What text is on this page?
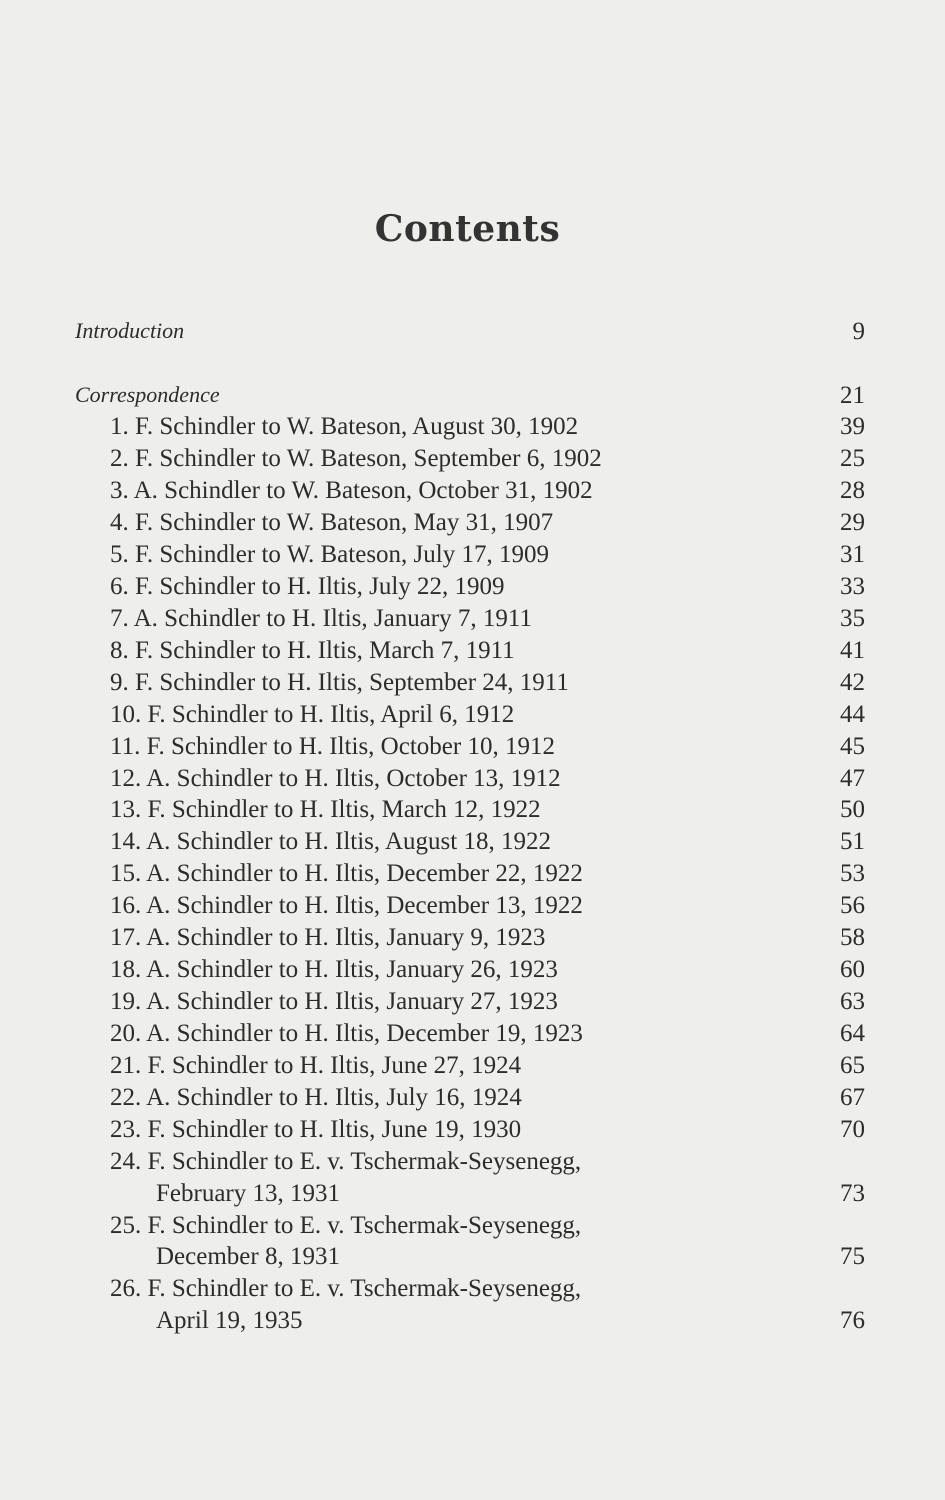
Contents
Introduction	9
Correspondence	21
1. F. Schindler to W. Bateson, August 30, 1902	39
2. F. Schindler to W. Bateson, September 6, 1902	25
3. A. Schindler to W. Bateson, October 31, 1902	28
4. F. Schindler to W. Bateson, May 31, 1907	29
5. F. Schindler to W. Bateson, July 17, 1909	31
6. F. Schindler to H. Iltis, July 22, 1909	33
7. A. Schindler to H. Iltis, January 7, 1911	35
8. F. Schindler to H. Iltis, March 7, 1911	41
9. F. Schindler to H. Iltis, September 24, 1911	42
10. F. Schindler to H. Iltis, April 6, 1912	44
11. F. Schindler to H. Iltis, October 10, 1912	45
12. A. Schindler to H. Iltis, October 13, 1912	47
13. F. Schindler to H. Iltis, March 12, 1922	50
14. A. Schindler to H. Iltis, August 18, 1922	51
15. A. Schindler to H. Iltis, December 22, 1922	53
16. A. Schindler to H. Iltis, December 13, 1922	56
17. A. Schindler to H. Iltis, January 9, 1923	58
18. A. Schindler to H. Iltis, January 26, 1923	60
19. A. Schindler to H. Iltis, January 27, 1923	63
20. A. Schindler to H. Iltis, December 19, 1923	64
21. F. Schindler to H. Iltis, June 27, 1924	65
22. A. Schindler to H. Iltis, July 16, 1924	67
23. F. Schindler to H. Iltis, June 19, 1930	70
24. F. Schindler to E. v. Tschermak-Seysenegg,
February 13, 1931	73
25. F. Schindler to E. v. Tschermak-Seysenegg,
December 8, 1931	75
26. F. Schindler to E. v. Tschermak-Seysenegg,
April 19, 1935	76
